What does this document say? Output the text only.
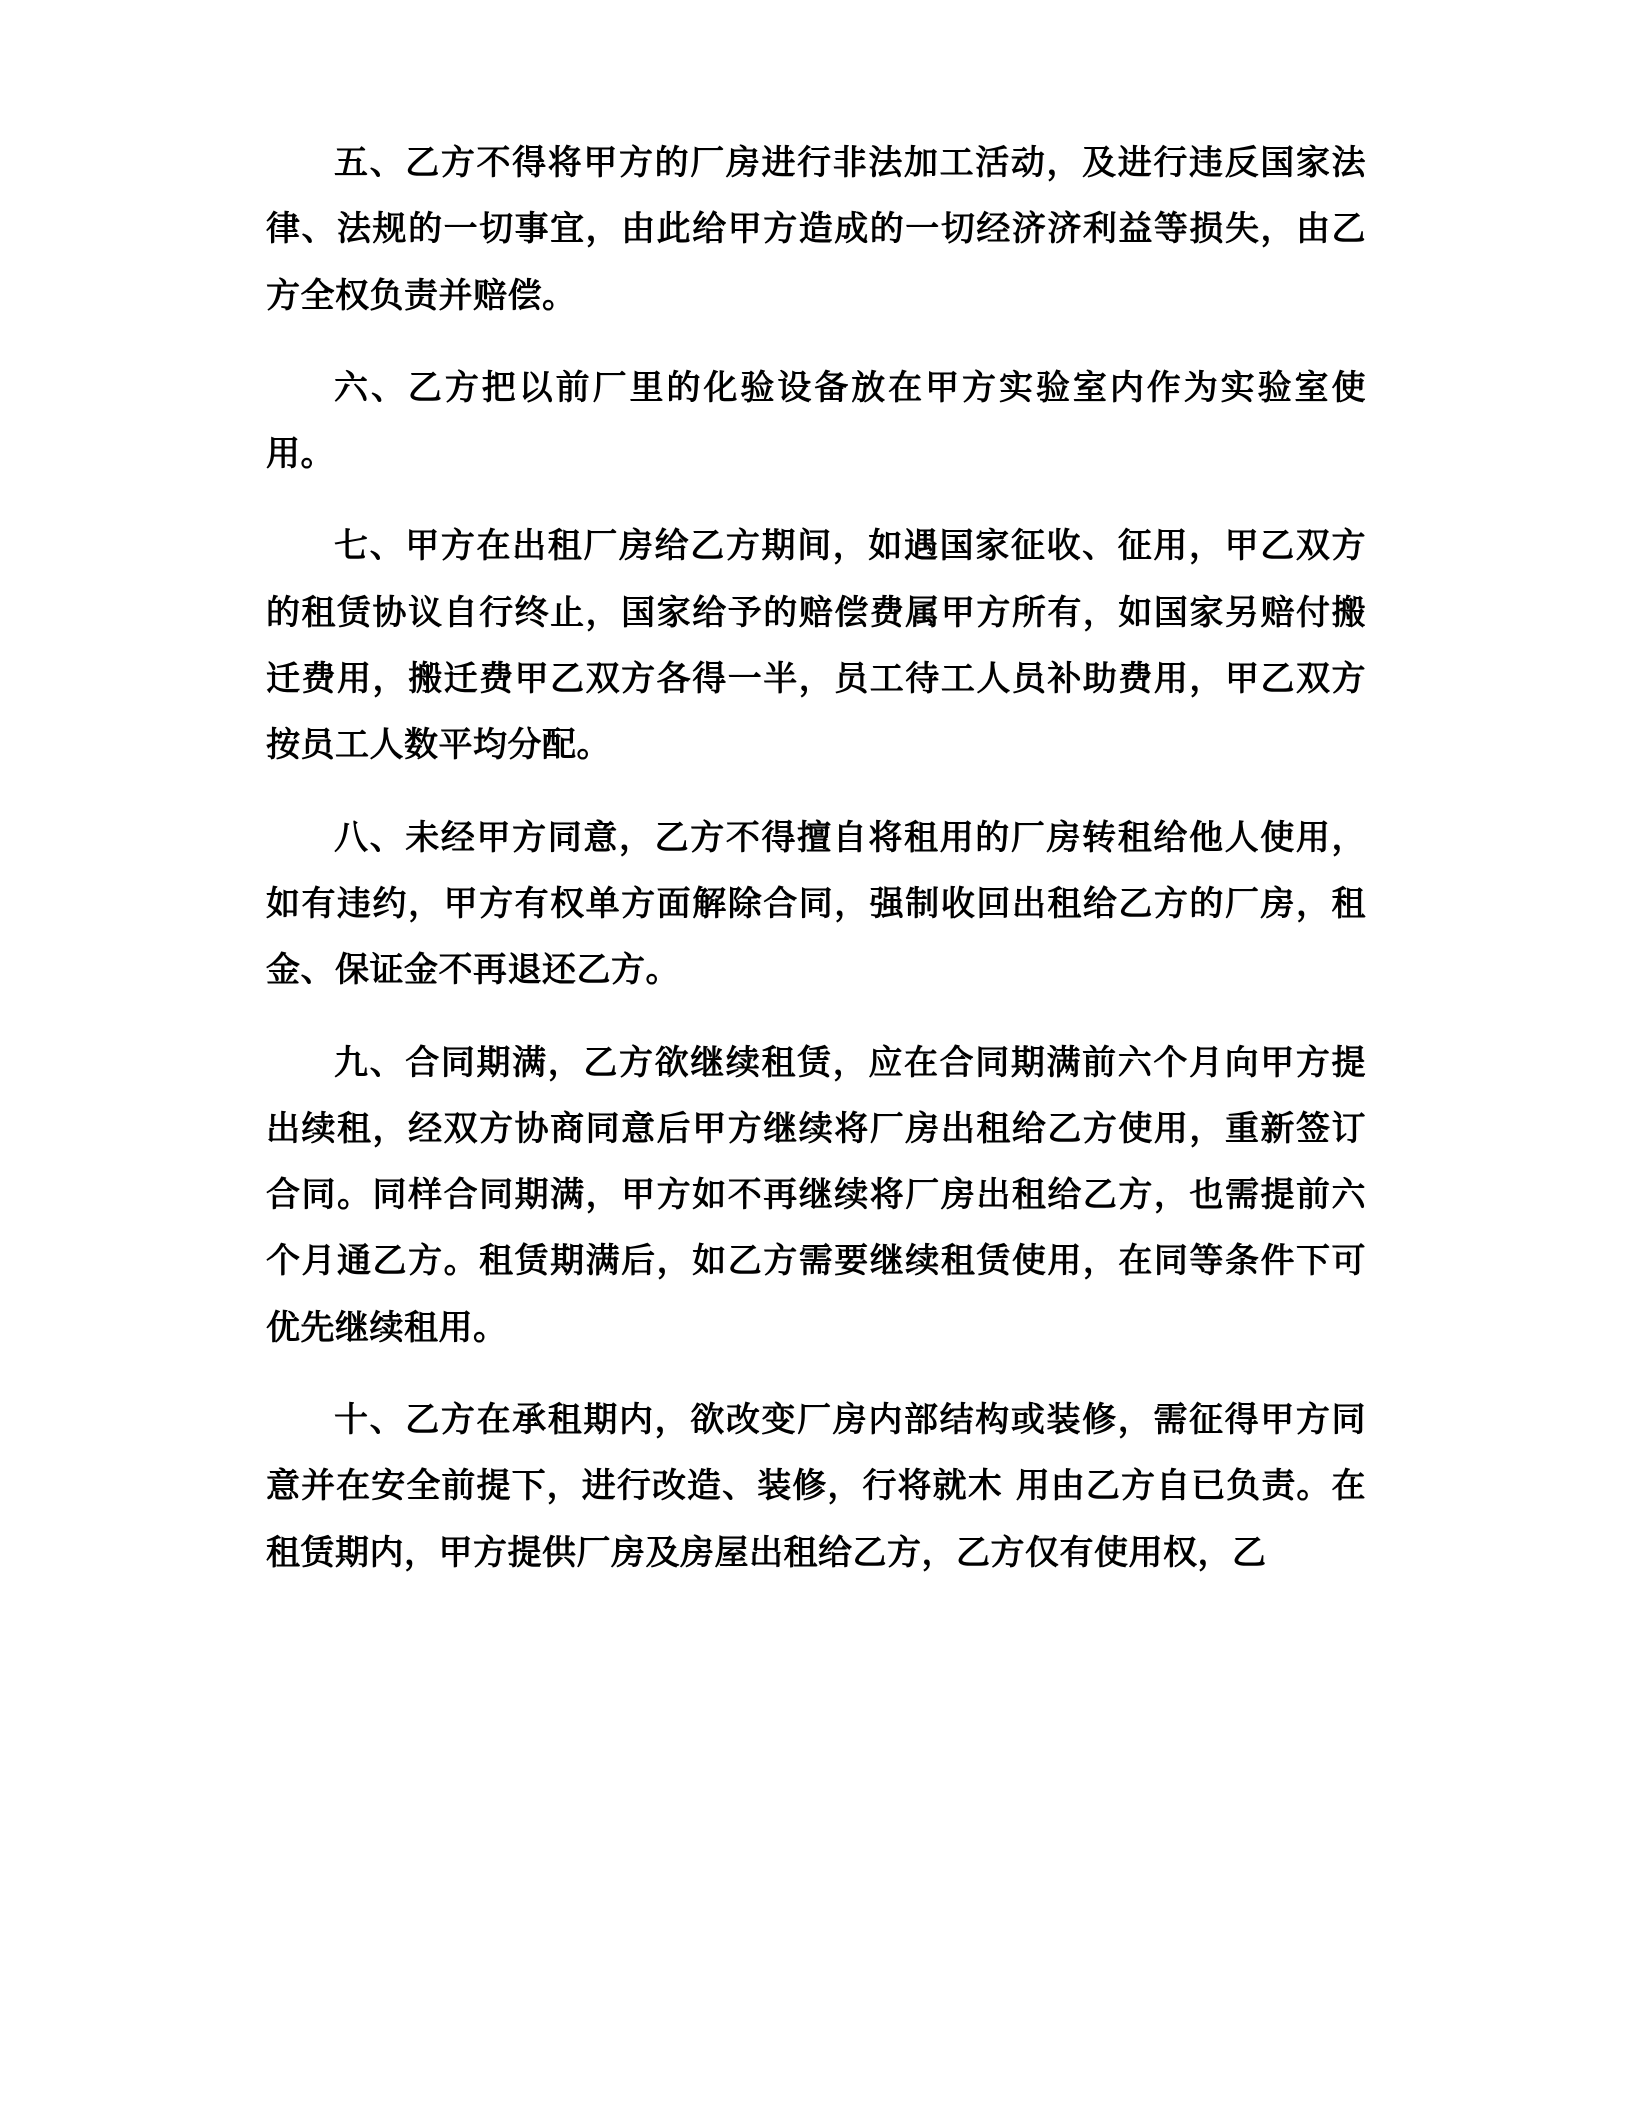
五、乙方不得将甲方的厂房进行非法加工活动，及进行违反国家法律、法规的一切事宜，由此给甲方造成的一切经济济利益等损失，由乙方全权负责并赔偿。

六、乙方把以前厂里的化验设备放在甲方实验室内作为实验室使用。

七、甲方在出租厂房给乙方期间，如遇国家征收、征用，甲乙双方的租赁协议自行终止，国家给予的赔偿费属甲方所有，如国家另赔付搬迁费用，搬迁费甲乙双方各得一半，员工待工人员补助费用，甲乙双方按员工人数平均分配。

八、未经甲方同意，乙方不得擅自将租用的厂房转租给他人使用，如有违约，甲方有权单方面解除合同，强制收回出租给乙方的厂房，租金、保证金不再退还乙方。

九、合同期满，乙方欲继续租赁，应在合同期满前六个月向甲方提出续租，经双方协商同意后甲方继续将厂房出租给乙方使用，重新签订合同。同样合同期满，甲方如不再继续将厂房出租给乙方，也需提前六个月通乙方。租赁期满后，如乙方需要继续租赁使用，在同等条件下可优先继续租用。

十、乙方在承租期内，欲改变厂房内部结构或装修，需征得甲方同意并在安全前提下，进行改造、装修，行将就木 用由乙方自已负责。在租赁期内，甲方提供厂房及房屋出租给乙方，乙方仅有使用权，乙
